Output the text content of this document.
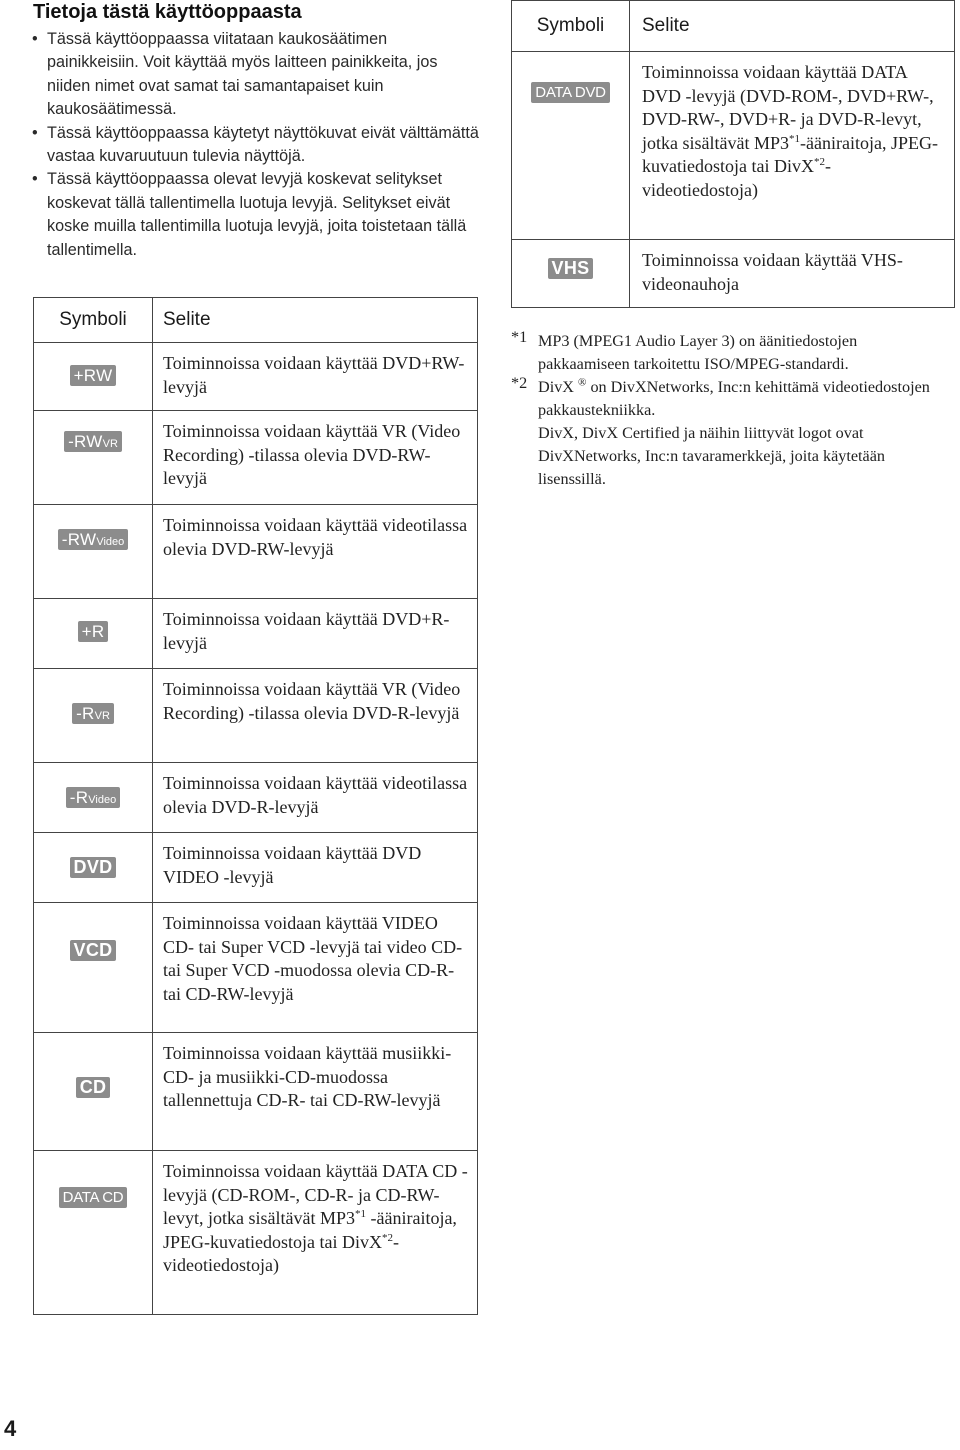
Tietoja tästä käyttöoppaasta
• Tässä käyttöoppaassa viitataan kaukosäätimen painikkeisiin. Voit käyttää myös laitteen painikkeita, jos niiden nimet ovat samat tai samantapaiset kuin kaukosäätimessä.
• Tässä käyttöoppaassa käytetyt näyttökuvat eivät välttämättä vastaa kuvaruutuun tulevia näyttöjä.
• Tässä käyttöoppaassa olevat levyjä koskevat selitykset koskevat tällä tallentimella luotuja levyjä. Selitykset eivät koske muilla tallentimilla luotuja levyjä, joita toistetaan tällä tallentimella.
Symboli	Selite
+RW	Toiminnoissa voidaan käyttää DVD+RW-levyjä
-RWVR	Toiminnoissa voidaan käyttää VR (Video Recording) -tilassa olevia DVD-RW-levyjä
-RWVideo	Toiminnoissa voidaan käyttää videotilassa olevia DVD-RW-levyjä
+R	Toiminnoissa voidaan käyttää DVD+R-levyjä
-RVR	Toiminnoissa voidaan käyttää VR (Video Recording) -tilassa olevia DVD-R-levyjä
-RVideo	Toiminnoissa voidaan käyttää videotilassa olevia DVD-R-levyjä
DVD	Toiminnoissa voidaan käyttää DVD VIDEO -levyjä
VCD	Toiminnoissa voidaan käyttää VIDEO CD- tai Super VCD -levyjä tai video CD- tai Super VCD -muodossa olevia CD-R- tai CD-RW-levyjä
CD	Toiminnoissa voidaan käyttää musiikki-CD- ja musiikki-CD-muodossa tallennettuja CD-R- tai CD-RW-levyjä
DATA CD	Toiminnoissa voidaan käyttää DATA CD -levyjä (CD-ROM-, CD-R- ja CD-RW-levyt, jotka sisältävät MP3$^{*1}$ -ääniraitoja, JPEG-kuvatiedostoja tai DivX$^{*2}$-videotiedostoja)
Symboli	Selite
DATA DVD	Toiminnoissa voidaan käyttää DATA DVD -levyjä (DVD-ROM-, DVD+RW-, DVD-RW-, DVD+R- ja DVD-R-levyt, jotka sisältävät MP3$^{*1}$-ääniraitoja, JPEG-kuvatiedostoja tai DivX$^{*2}$-videotiedostoja)
VHS	Toiminnoissa voidaan käyttää VHS-videonauhoja
*1 MP3 (MPEG1 Audio Layer 3) on äänitiedostojen pakkaamiseen tarkoitettu ISO/MPEG-standardi.
*2 DivX ® on DivXNetworks, Inc:n kehittämä videotiedostojen pakkaustekniikka.
DivX, DivX Certified ja näihin liittyvät logot ovat DivXNetworks, Inc:n tavaramerkkejä, joita käytetään lisenssillä.
4
